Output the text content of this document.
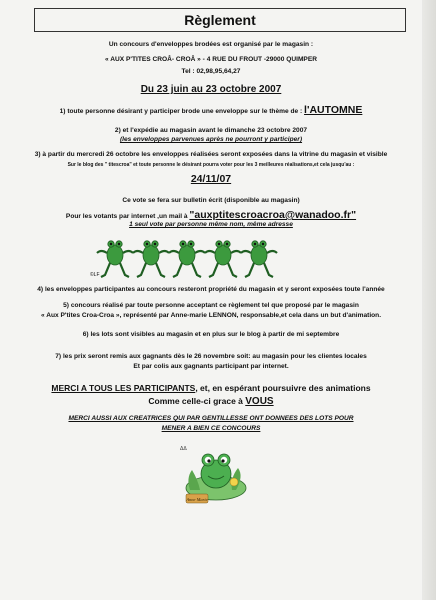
Règlement
Un concours d'enveloppes brodées est organisé par le magasin :
« AUX P'TITES CROÂ- CROÂ » - 4 RUE DU FROUT -29000 QUIMPER
Tel : 02,98,95,64,27
Du 23 juin au 23 octobre 2007
1) toute personne désirant y participer brode une enveloppe sur le thème de : l'AUTOMNE
2) et l'expédie au magasin avant le dimanche 23 octobre 2007
(les enveloppes parvenues après ne pourront y participer)
3) à partir du mercredi 26 octobre les enveloppes réalisées seront exposées dans la vitrine du magasin et visible
Sur le blog des " titescroa" et toute personne le désirant pourra voter pour les 3 meilleures réalisations,et cela jusqu'au :
24/11/07
Ce vote se fera sur bulletin écrit (disponible au magasin)
Pour les votants par internet ,un mail à "auxptitescroacroa@wanadoo.fr"
1 seul vote par personne même nom, même adresse
©LF
4) les enveloppes participantes au concours resteront propriété du magasin et y seront exposées toute l'année
5) concours réalisé par toute personne acceptant ce règlement tel que proposé par le magasin
« Aux P'tites Croa-Croa », représenté par Anne-marie LENNON, responsable,et cela dans un but d'animation.
6) les lots sont visibles au magasin et en plus sur le blog à partir de mi septembre
7) les prix seront remis aux gagnants dès le 26 novembre soit: au magasin pour les clientes locales
Et par colis aux gagnants participant par internet.
MERCI A TOUS LES PARTICIPANTS, et, en espérant poursuivre des animations
Comme celle-ci grace à VOUS
MERCI AUSSI AUX CREATRICES QUI PAR GENTILLESSE ONT DONNEES DES LOTS POUR
MENER A BIEN CE CONCOURS
ΔΔ
Anne Marie
